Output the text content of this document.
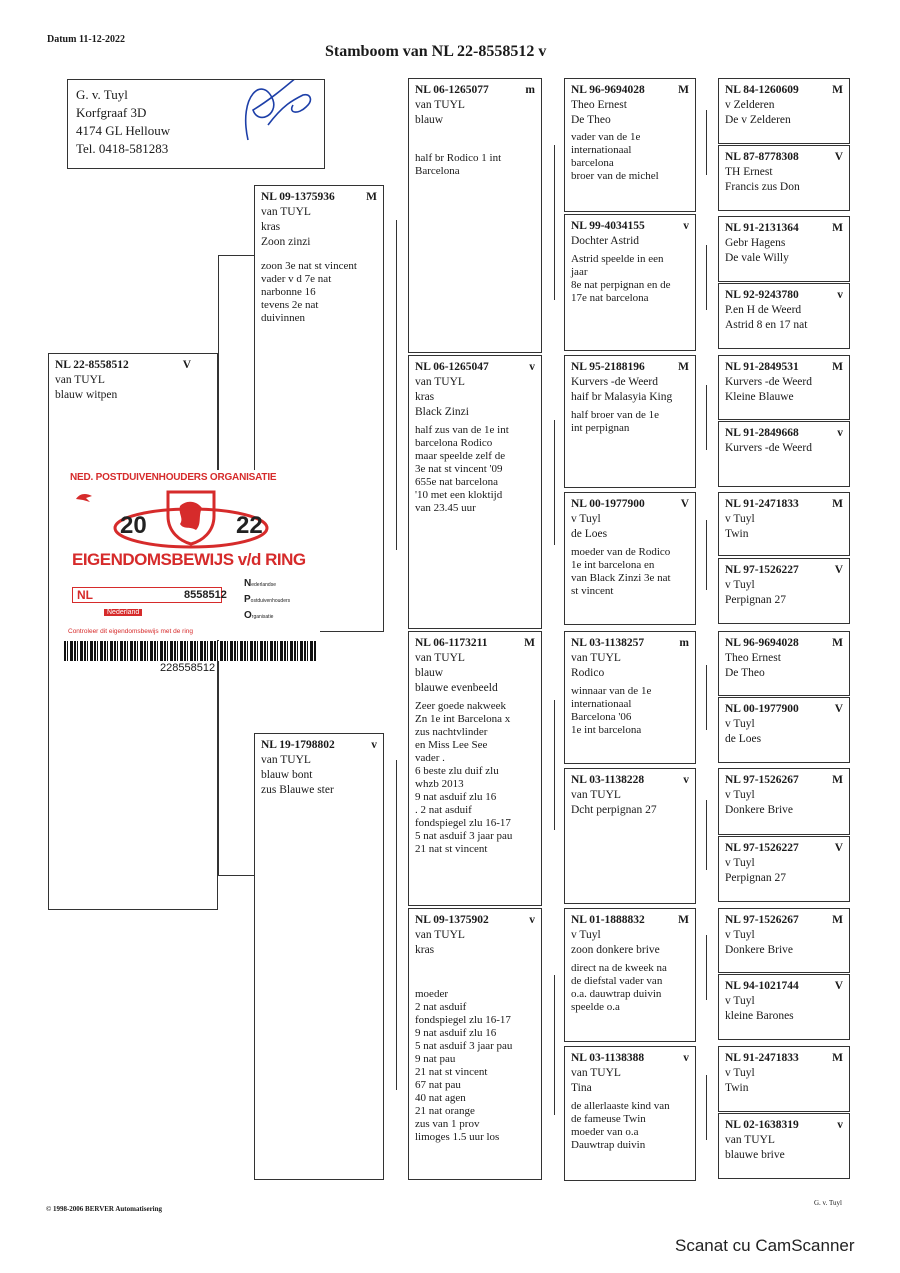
Datum 11-12-2022
Stamboom van NL 22-8558512 v
G. v. Tuyl
Korfgraaf 3D
4174 GL Hellouw
Tel. 0418-581283
NL 22-8558512	V
van TUYL
blauw witpen
NL 09-1375936	M
van TUYL
kras
Zoon zinzi
zoon 3e nat st vincent
vader v d 7e nat
narbonne 16
tevens 2e nat
duivinnen
NL 19-1798802	v
van TUYL
blauw bont
zus Blauwe ster
NL 06-1265077	m
van TUYL
blauw
half br Rodico 1 int
Barcelona
NL 06-1265047	v
van TUYL
kras
Black Zinzi
half zus van de 1e int
barcelona Rodico
maar speelde zelf de
3e nat st vincent '09
655e nat barcelona
'10 met een kloktijd
van 23.45 uur
NL 06-1173211	M
van TUYL
blauw
blauwe evenbeeld
Zeer goede nakweek
Zn 1e int Barcelona x
zus nachtvlinder
en Miss Lee See
vader .
6 beste zlu duif zlu
whzb 2013
9 nat asduif zlu 16
. 2 nat asduif
fondspiegel zlu 16-17
5 nat asduif 3 jaar pau
21 nat st vincent
NL 09-1375902	v
van TUYL
kras
moeder
2 nat asduif
fondspiegel zlu 16-17
9 nat asduif zlu 16
5 nat asduif 3 jaar pau
9 nat pau
21 nat st vincent
67 nat pau
40 nat agen
21 nat orange
zus van 1 prov
limoges 1.5 uur los
NL 96-9694028	M
Theo Ernest
De Theo
vader van de 1e
internationaal
barcelona
broer van de michel
NL 99-4034155	v
Dochter Astrid
Astrid speelde in een
jaar
8e nat perpignan en de
17e nat barcelona
NL 95-2188196	M
Kurvers -de Weerd
haif br Malasyia King
half broer van de 1e
int perpignan
NL 00-1977900	V
v Tuyl
de Loes
moeder van de Rodico
1e int barcelona en
van Black Zinzi 3e nat
st vincent
NL 03-1138257	m
van TUYL
Rodico
winnaar van de 1e
internationaal
Barcelona '06
1e int barcelona
NL 03-1138228	v
van TUYL
Dcht perpignan 27
NL 01-1888832	M
v Tuyl
zoon donkere brive
direct na de kweek na
de diefstal vader van
o.a. dauwtrap duivin
speelde o.a
NL 03-1138388	v
van TUYL
Tina
de allerlaaste kind van
de fameuse Twin
moeder van o.a
Dauwtrap duivin
NL 84-1260609	M
v Zelderen
De v Zelderen
NL 87-8778308	V
TH Ernest
Francis zus Don
NL 91-2131364	M
Gebr Hagens
De vale Willy
NL 92-9243780	v
P.en H de Weerd
Astrid 8 en 17 nat
NL 91-2849531	M
Kurvers -de Weerd
Kleine Blauwe
NL 91-2849668	v
Kurvers -de Weerd
NL 91-2471833	M
v Tuyl
Twin
NL 97-1526227	V
v Tuyl
Perpignan 27
NL 96-9694028	M
Theo Ernest
De Theo
NL 00-1977900	V
v Tuyl
de Loes
NL 97-1526267	M
v Tuyl
Donkere Brive
NL 97-1526227	V
v Tuyl
Perpignan 27
NL 97-1526267	M
v Tuyl
Donkere Brive
NL 94-1021744	V
v Tuyl
kleine Barones
NL 91-2471833	M
v Tuyl
Twin
NL 02-1638319	v
van TUYL
blauwe brive
NED. POSTDUIVENHOUDERS ORGANISATIE
20	22
EIGENDOMSBEWIJS v/d RING
NL	8558512
Nederland
Nederlandse
Postduivenhouders
Organisatie
Controleer dit eigendomsbewijs met de ring
228558512
© 1998-2006 BERVER Automatisering
G. v. Tuyl
Scanat cu CamScanner
